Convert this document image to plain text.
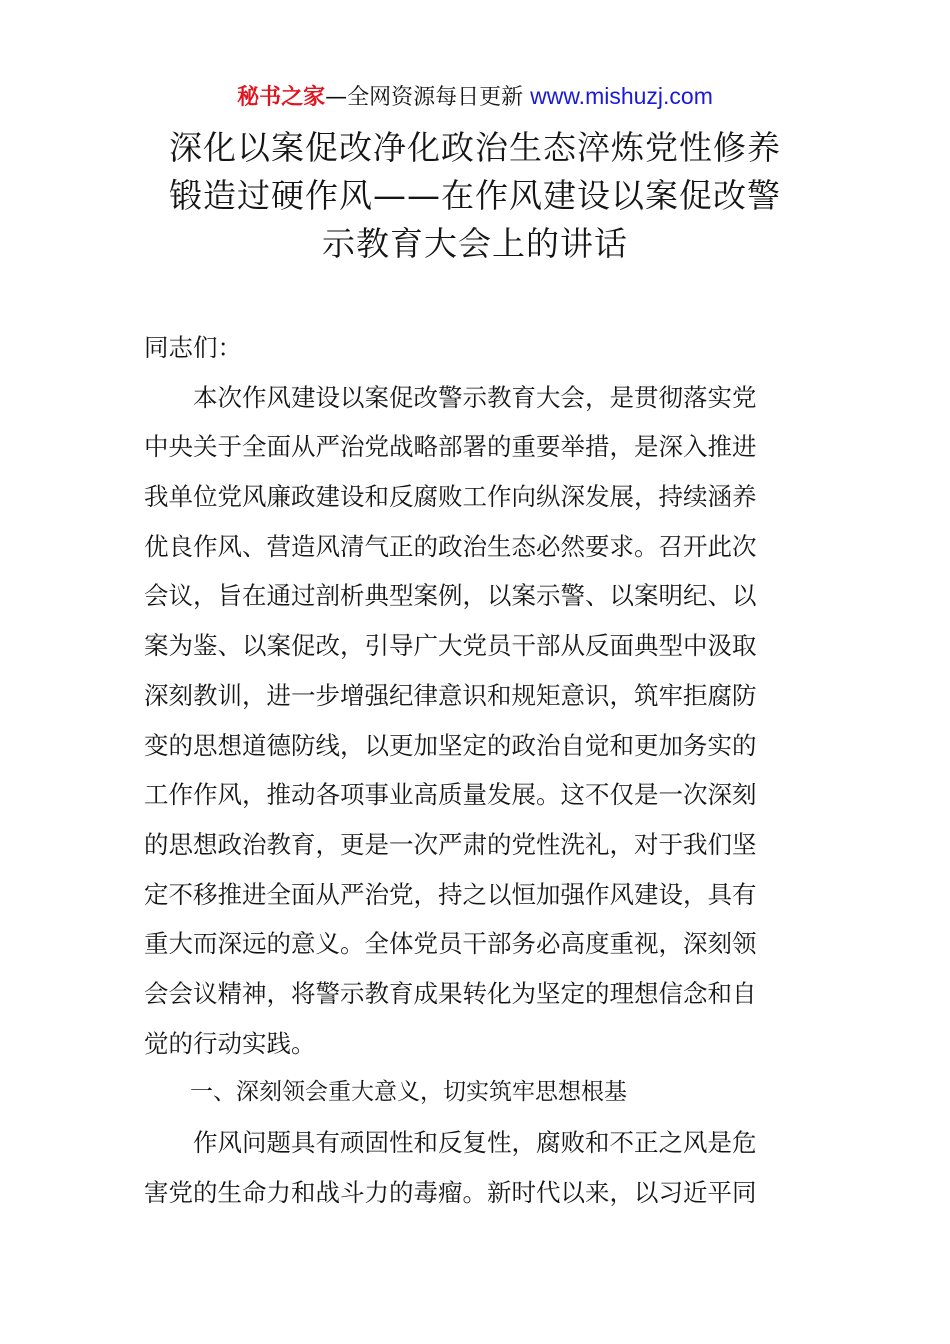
秘书之家—全网资源每日更新 www.mishuzj.com
深化以案促改净化政治生态淬炼党性修养
锻造过硬作风——在作风建设以案促改警
示教育大会上的讲话
同志们：
　　本次作风建设以案促改警示教育大会，是贯彻落实党
中央关于全面从严治党战略部署的重要举措，是深入推进
我单位党风廉政建设和反腐败工作向纵深发展，持续涵养
优良作风、营造风清气正的政治生态必然要求。召开此次
会议，旨在通过剖析典型案例，以案示警、以案明纪、以
案为鉴、以案促改，引导广大党员干部从反面典型中汲取
深刻教训，进一步增强纪律意识和规矩意识，筑牢拒腐防
变的思想道德防线，以更加坚定的政治自觉和更加务实的
工作作风，推动各项事业高质量发展。这不仅是一次深刻
的思想政治教育，更是一次严肃的党性洗礼，对于我们坚
定不移推进全面从严治党，持之以恒加强作风建设，具有
重大而深远的意义。全体党员干部务必高度重视，深刻领
会会议精神，将警示教育成果转化为坚定的理想信念和自
觉的行动实践。
　　一、深刻领会重大意义，切实筑牢思想根基
　　作风问题具有顽固性和反复性，腐败和不正之风是危
害党的生命力和战斗力的毒瘤。新时代以来，以习近平同
